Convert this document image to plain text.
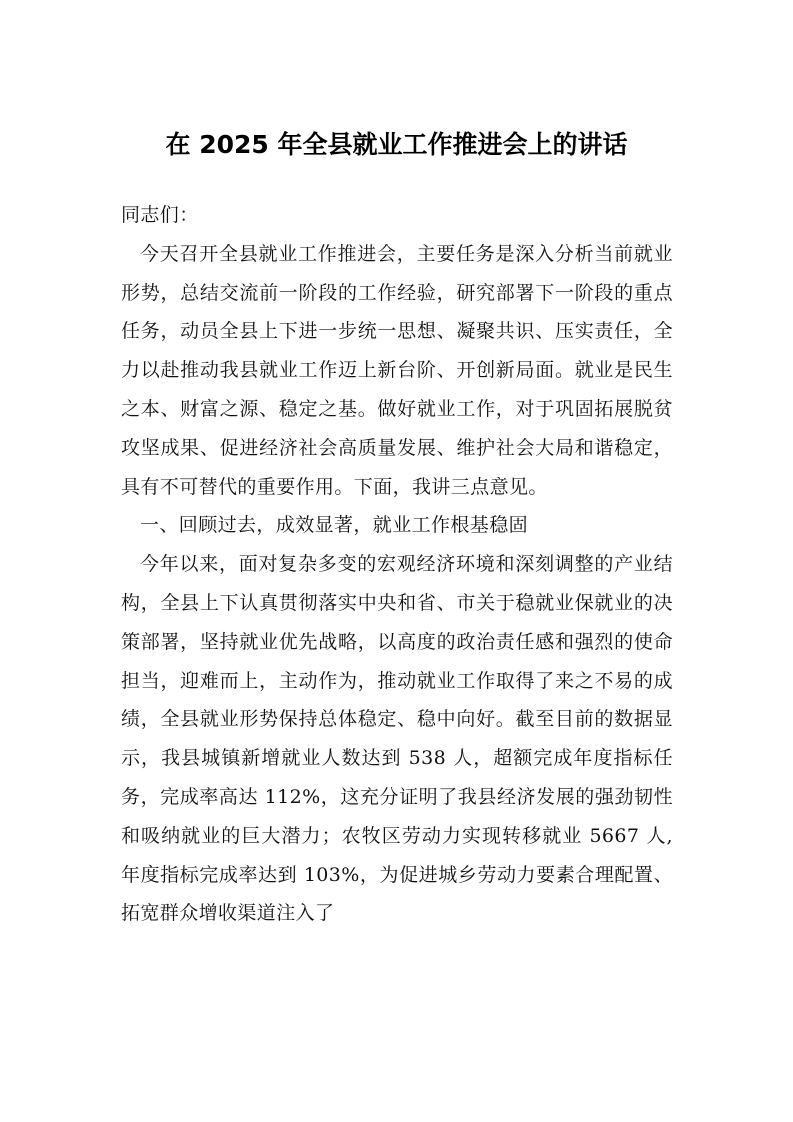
在 2025 年全县就业工作推进会上的讲话

同志们：

今天召开全县就业工作推进会，主要任务是深入分析当前就业形势，总结交流前一阶段的工作经验，研究部署下一阶段的重点任务，动员全县上下进一步统一思想、凝聚共识、压实责任，全力以赴推动我县就业工作迈上新台阶、开创新局面。就业是民生之本、财富之源、稳定之基。做好就业工作，对于巩固拓展脱贫攻坚成果、促进经济社会高质量发展、维护社会大局和谐稳定，具有不可替代的重要作用。下面，我讲三点意见。

一、回顾过去，成效显著，就业工作根基稳固

今年以来，面对复杂多变的宏观经济环境和深刻调整的产业结构，全县上下认真贯彻落实中央和省、市关于稳就业保就业的决策部署，坚持就业优先战略，以高度的政治责任感和强烈的使命担当，迎难而上，主动作为，推动就业工作取得了来之不易的成绩，全县就业形势保持总体稳定、稳中向好。截至目前的数据显示，我县城镇新增就业人数达到 538 人，超额完成年度指标任务，完成率高达 112%，这充分证明了我县经济发展的强劲韧性和吸纳就业的巨大潜力；农牧区劳动力实现转移就业 5667 人,年度指标完成率达到 103%，为促进城乡劳动力要素合理配置、拓宽群众增收渠道注入了
